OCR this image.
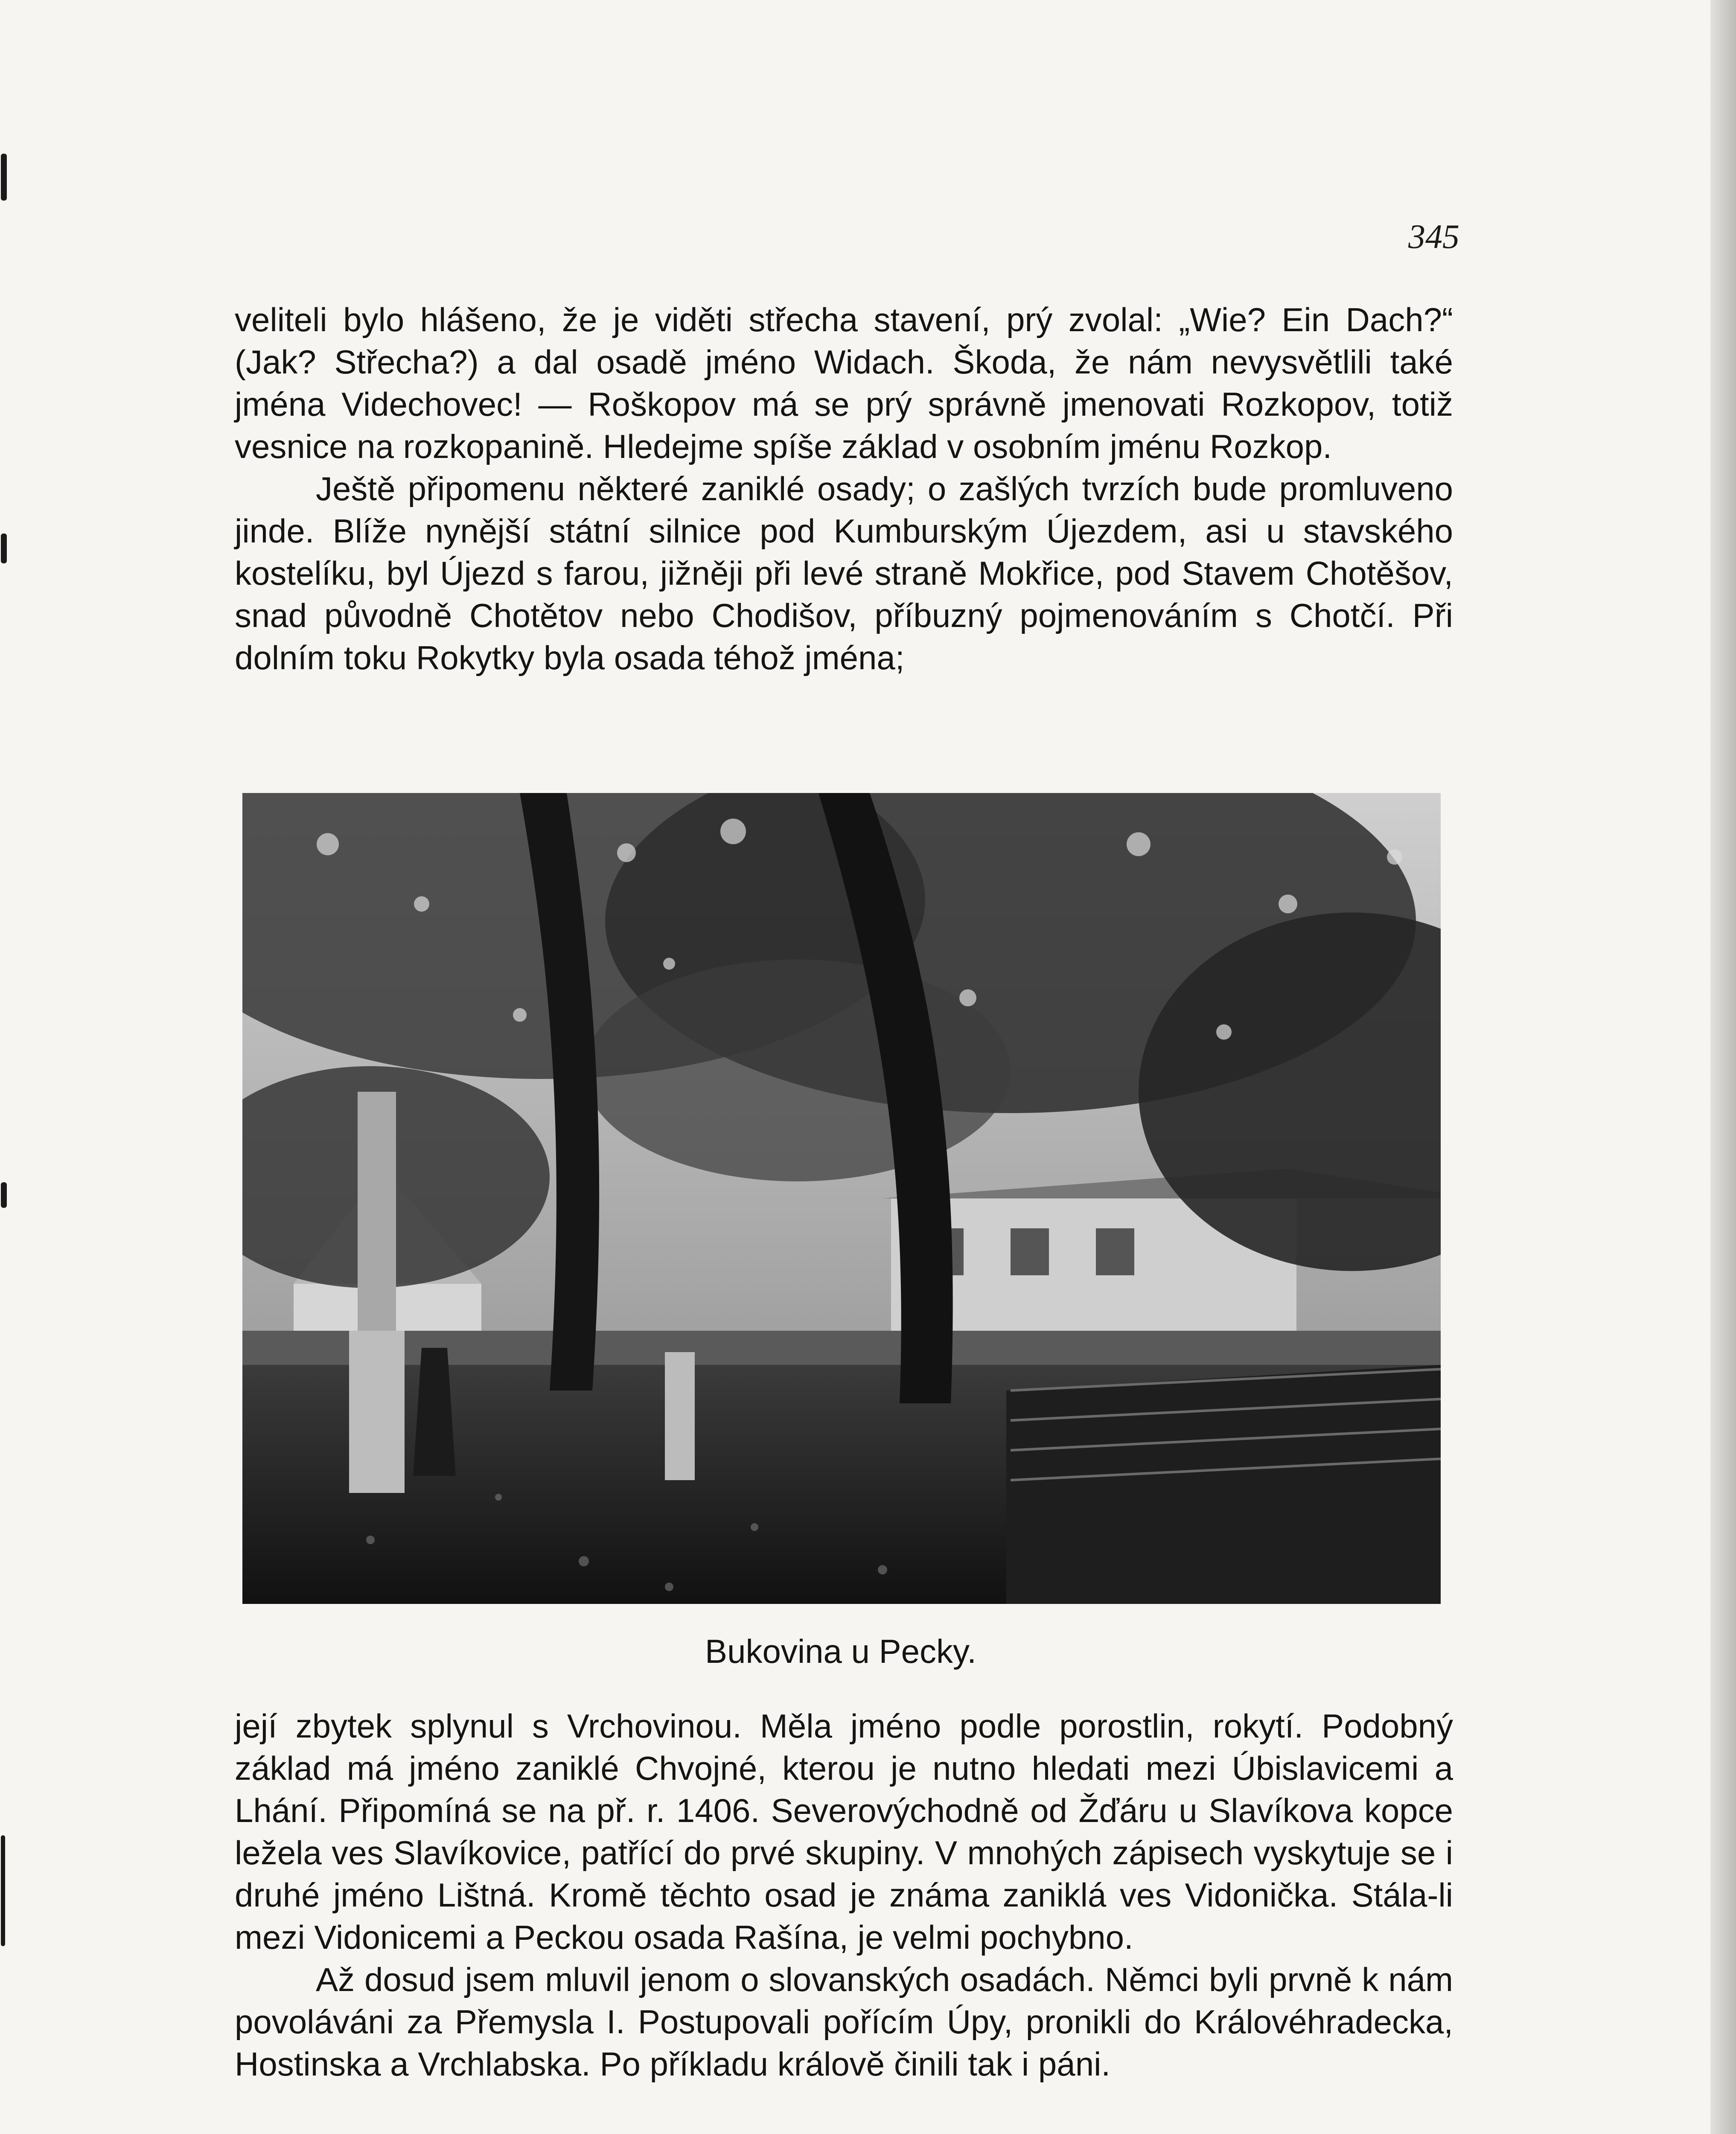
345

veliteli bylo hlášeno, že je viděti střecha stavení, prý zvolal: „Wie? Ein Dach?“ (Jak? Střecha?) a dal osadě jméno Widach. Škoda, že nám nevysvětlili také jména Videchovec! — Roškopov má se prý správně jmenovati Rozkopov, totiž vesnice na rozkopanině. Hledejme spíše základ v osobním jménu Rozkop.

Ještě připomenu některé zaniklé osady; o zašlých tvrzích bude promluveno jinde. Blíže nynější státní silnice pod Kumburským Újezdem, asi u stavského kostelíku, byl Újezd s farou, jižněji při levé straně Mokřice, pod Stavem Chotěšov, snad původně Chotětov nebo Chodišov, příbuzný pojmenováním s Chotčí. Při dolním toku Rokytky byla osada téhož jména;

Bukovina u Pecky.

její zbytek splynul s Vrchovinou. Měla jméno podle porostlin, rokytí. Podobný základ má jméno zaniklé Chvojné, kterou je nutno hledati mezi Úbislavicemi a Lhání. Připomíná se na př. r. 1406. Severovýchodně od Žďáru u Slavíkova kopce ležela ves Slavíkovice, patřící do prvé skupiny. V mnohých zápisech vyskytuje se i druhé jméno Lištná. Kromě těchto osad je známa zaniklá ves Vidonička. Stála-li mezi Vidonicemi a Peckou osada Rašína, je velmi pochybno.

Až dosud jsem mluvil jenom o slovanských osadách. Němci byli prvně k nám povoláváni za Přemysla I. Postupovali pořícím Úpy, pronikli do Královéhradecka, Hostinska a Vrchlabska. Po příkladu královĕ činili tak i páni.
